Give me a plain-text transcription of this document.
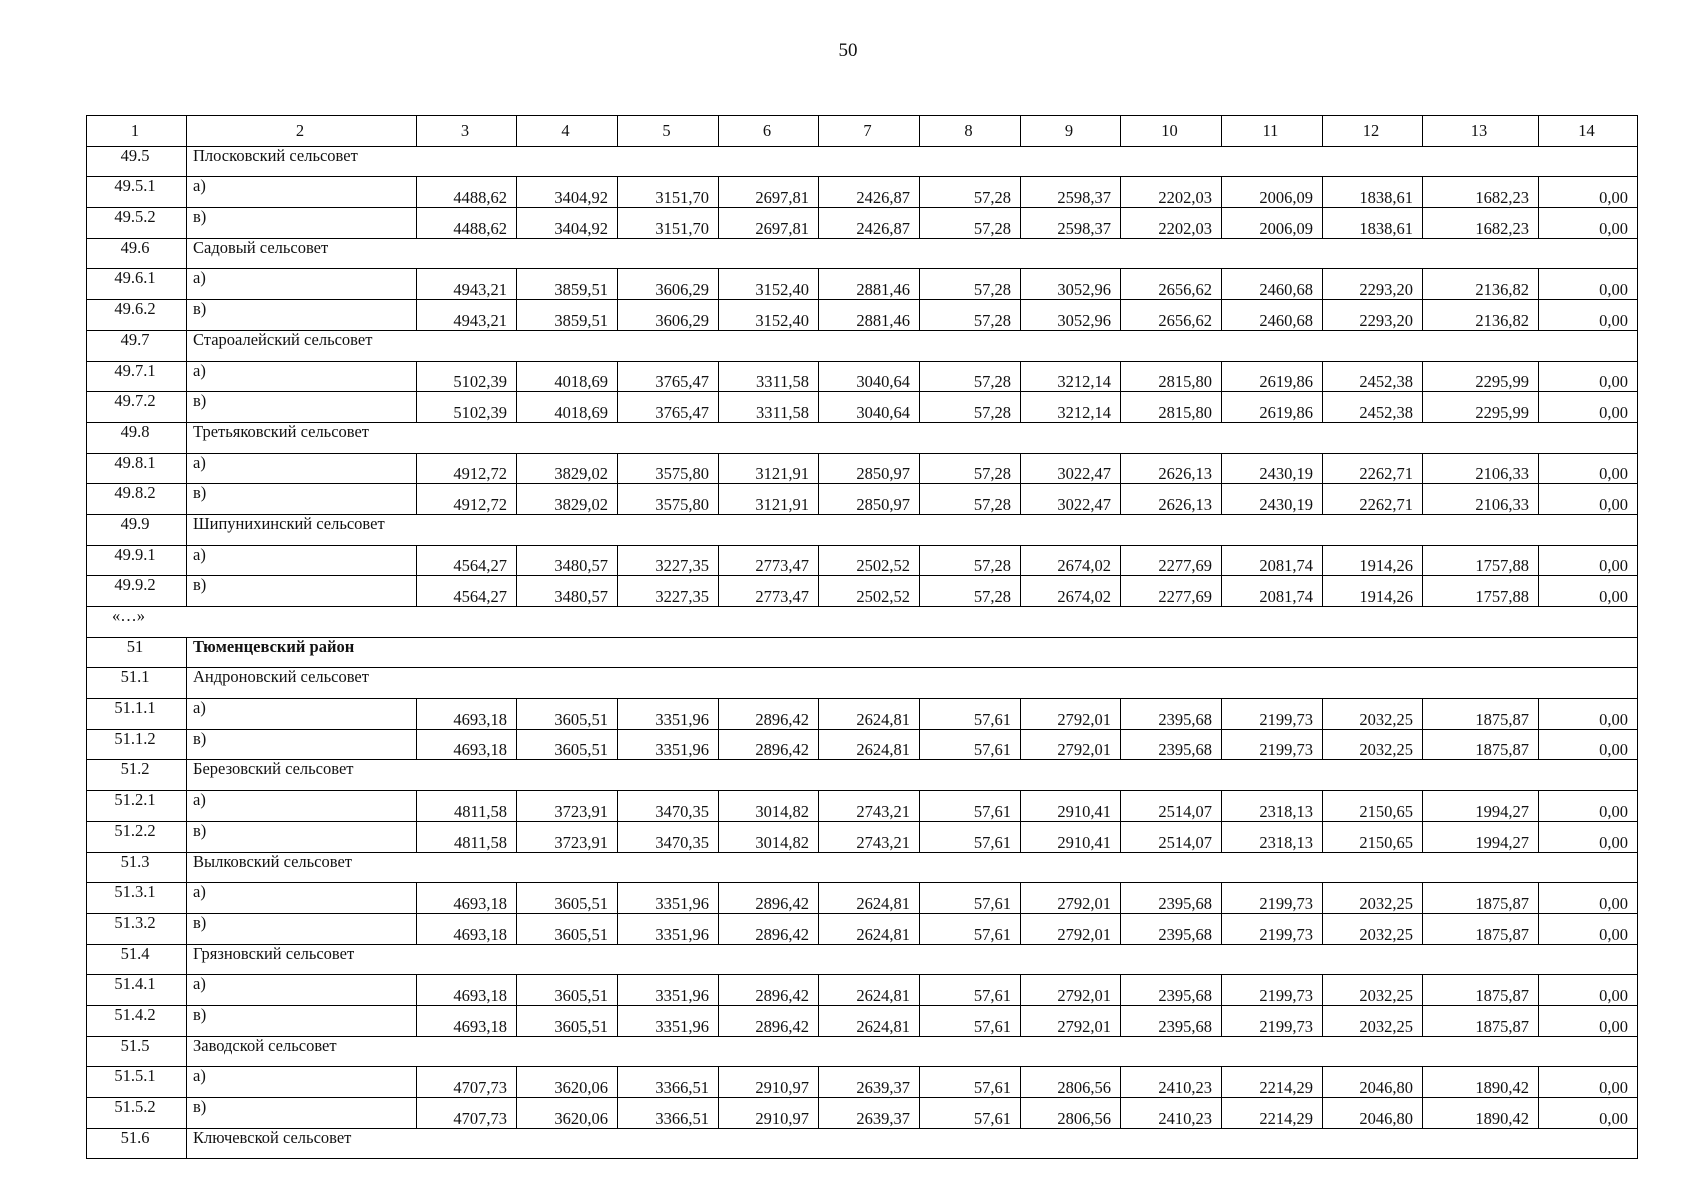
50
1	2	3	4	5	6	7	8	9	10	11	12	13	14
49.5	Плосковский сельсовет												
49.5.1	а)	4488,62	3404,92	3151,70	2697,81	2426,87	57,28	2598,37	2202,03	2006,09	1838,61	1682,23	0,00
49.5.2	в)	4488,62	3404,92	3151,70	2697,81	2426,87	57,28	2598,37	2202,03	2006,09	1838,61	1682,23	0,00
49.6	Садовый сельсовет												
49.6.1	а)	4943,21	3859,51	3606,29	3152,40	2881,46	57,28	3052,96	2656,62	2460,68	2293,20	2136,82	0,00
49.6.2	в)	4943,21	3859,51	3606,29	3152,40	2881,46	57,28	3052,96	2656,62	2460,68	2293,20	2136,82	0,00
49.7	Староалейский сельсовет												
49.7.1	а)	5102,39	4018,69	3765,47	3311,58	3040,64	57,28	3212,14	2815,80	2619,86	2452,38	2295,99	0,00
49.7.2	в)	5102,39	4018,69	3765,47	3311,58	3040,64	57,28	3212,14	2815,80	2619,86	2452,38	2295,99	0,00
49.8	Третьяковский сельсовет												
49.8.1	а)	4912,72	3829,02	3575,80	3121,91	2850,97	57,28	3022,47	2626,13	2430,19	2262,71	2106,33	0,00
49.8.2	в)	4912,72	3829,02	3575,80	3121,91	2850,97	57,28	3022,47	2626,13	2430,19	2262,71	2106,33	0,00
49.9	Шипунихинский сельсовет												
49.9.1	а)	4564,27	3480,57	3227,35	2773,47	2502,52	57,28	2674,02	2277,69	2081,74	1914,26	1757,88	0,00
49.9.2	в)	4564,27	3480,57	3227,35	2773,47	2502,52	57,28	2674,02	2277,69	2081,74	1914,26	1757,88	0,00
«…»													
51	Тюменцевский район												
51.1	Андроновский сельсовет												
51.1.1	а)	4693,18	3605,51	3351,96	2896,42	2624,81	57,61	2792,01	2395,68	2199,73	2032,25	1875,87	0,00
51.1.2	в)	4693,18	3605,51	3351,96	2896,42	2624,81	57,61	2792,01	2395,68	2199,73	2032,25	1875,87	0,00
51.2	Березовский сельсовет												
51.2.1	а)	4811,58	3723,91	3470,35	3014,82	2743,21	57,61	2910,41	2514,07	2318,13	2150,65	1994,27	0,00
51.2.2	в)	4811,58	3723,91	3470,35	3014,82	2743,21	57,61	2910,41	2514,07	2318,13	2150,65	1994,27	0,00
51.3	Вылковский сельсовет												
51.3.1	а)	4693,18	3605,51	3351,96	2896,42	2624,81	57,61	2792,01	2395,68	2199,73	2032,25	1875,87	0,00
51.3.2	в)	4693,18	3605,51	3351,96	2896,42	2624,81	57,61	2792,01	2395,68	2199,73	2032,25	1875,87	0,00
51.4	Грязновский сельсовет												
51.4.1	а)	4693,18	3605,51	3351,96	2896,42	2624,81	57,61	2792,01	2395,68	2199,73	2032,25	1875,87	0,00
51.4.2	в)	4693,18	3605,51	3351,96	2896,42	2624,81	57,61	2792,01	2395,68	2199,73	2032,25	1875,87	0,00
51.5	Заводской сельсовет												
51.5.1	а)	4707,73	3620,06	3366,51	2910,97	2639,37	57,61	2806,56	2410,23	2214,29	2046,80	1890,42	0,00
51.5.2	в)	4707,73	3620,06	3366,51	2910,97	2639,37	57,61	2806,56	2410,23	2214,29	2046,80	1890,42	0,00
51.6	Ключевской сельсовет												
